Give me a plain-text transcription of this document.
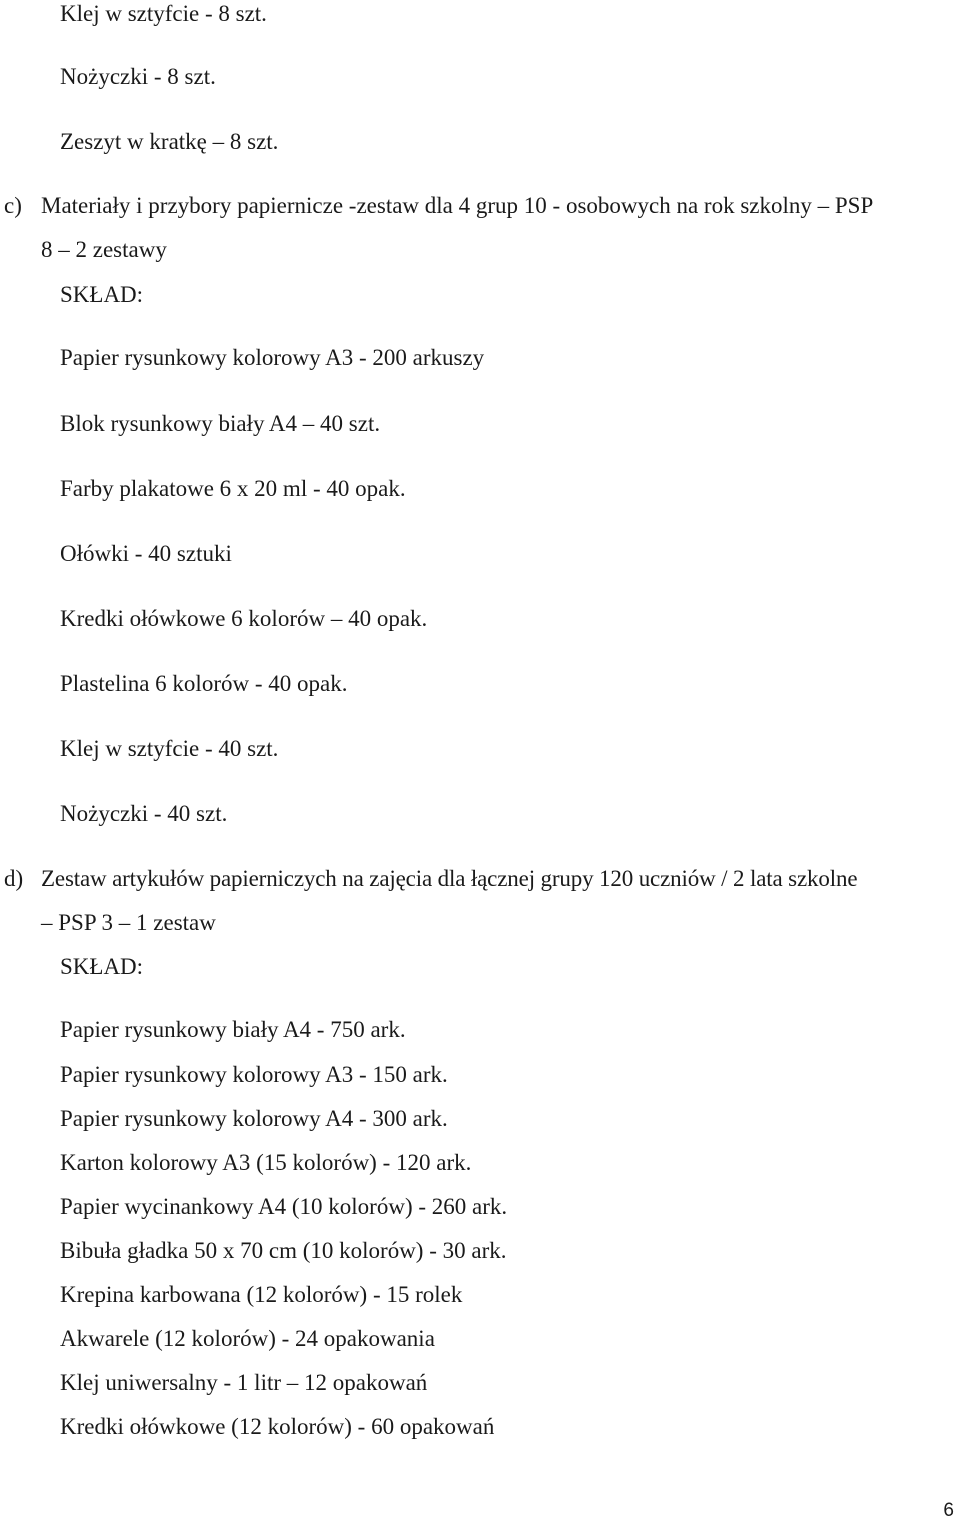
Klej w sztyfcie - 8 szt.
Nożyczki - 8 szt.
Zeszyt w kratkę – 8 szt.
c) Materiały i przybory papiernicze -zestaw dla 4 grup 10 - osobowych na rok szkolny – PSP
8 – 2 zestawy
SKŁAD:
Papier rysunkowy kolorowy A3 - 200 arkuszy
Blok rysunkowy biały A4 – 40 szt.
Farby plakatowe 6 x 20 ml - 40 opak.
Ołówki - 40 sztuki
Kredki ołówkowe 6 kolorów – 40 opak.
Plastelina 6 kolorów - 40 opak.
Klej w sztyfcie - 40 szt.
Nożyczki - 40 szt.
d) Zestaw artykułów papierniczych na zajęcia dla łącznej grupy 120 uczniów / 2 lata szkolne
– PSP 3 – 1 zestaw
SKŁAD:
Papier rysunkowy biały A4 - 750 ark.
Papier rysunkowy kolorowy A3 - 150 ark.
Papier rysunkowy kolorowy A4 - 300 ark.
Karton kolorowy A3 (15 kolorów) - 120 ark.
Papier wycinankowy A4 (10 kolorów) - 260 ark.
Bibuła gładka 50 x 70 cm (10 kolorów) - 30 ark.
Krepina karbowana (12 kolorów) - 15 rolek
Akwarele (12 kolorów) - 24 opakowania
Klej uniwersalny - 1 litr – 12 opakowań
Kredki ołówkowe (12 kolorów) - 60 opakowań
6
